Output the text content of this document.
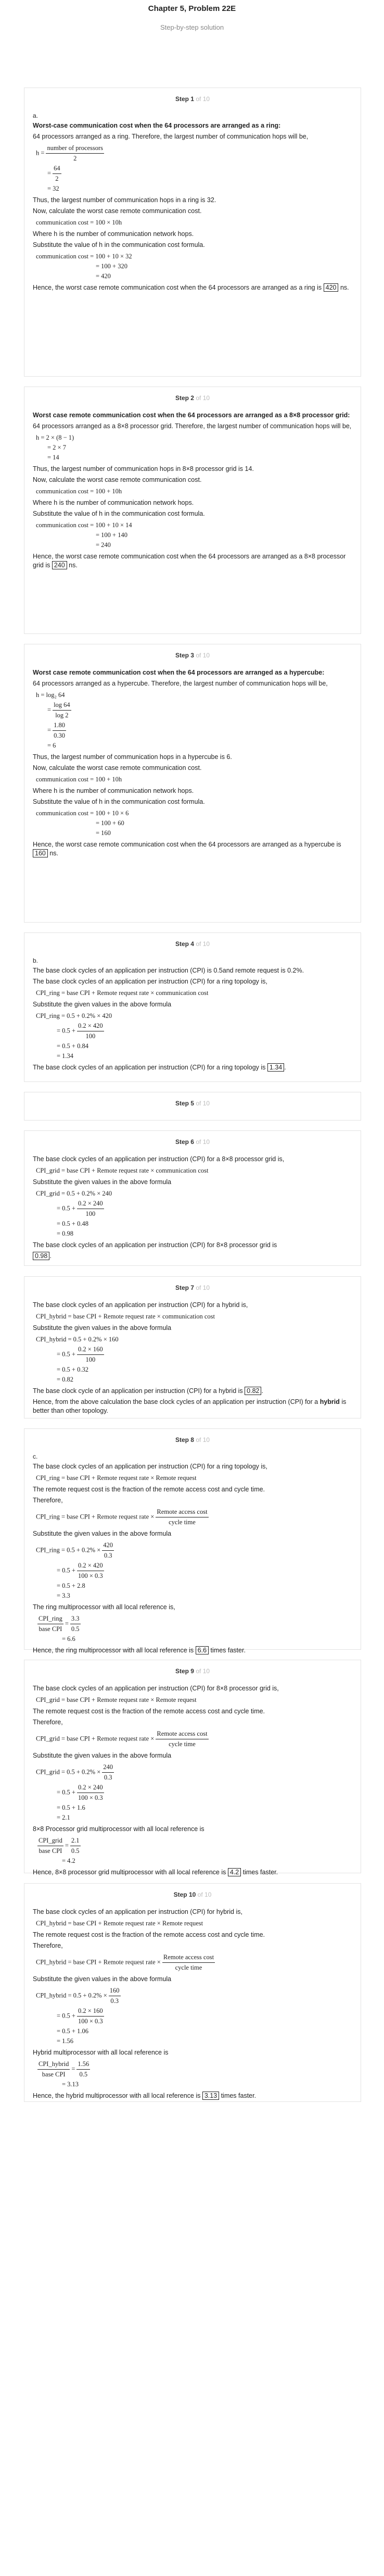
Chapter 5, Problem 22E
Step-by-step solution
Step 1 of 10
a.

Worst-case communication cost when the 64 processors are arranged as a ring:

64 processors arranged as a ring. Therefore, the largest number of communication hops will be,

$h = \frac{\text{number of processors}}{2}$
= $\frac{64}{2}$
= 32

Thus, the largest number of communication hops in a ring is 32.

Now, calculate the worst case remote communication cost.

communication cost = 100 × 10h

Where h is the number of communication network hops.

Substitute the value of h in the communication cost formula.

communication cost = 100 + 10 × 32
= 100 + 320
= 420

Hence, the worst case remote communication cost when the 64 processors are arranged as a ring is 420 ns.

Step 2 of 10

Worst case remote communication cost when the 64 processors are arranged as a 8×8 processor grid:

64 processors arranged as a 8×8 processor grid. Therefore, the largest number of communication hops will be,

h = 2 × (8 − 1)
= 2 × 7
= 14

Thus, the largest number of communication hops in 8×8 processor grid is 14.

Now, calculate the worst case remote communication cost.

communication cost = 100 + 10h

Where h is the number of communication network hops.

Substitute the value of h in the communication cost formula.

communication cost = 100 + 10 × 14
= 100 + 140
= 240

Hence, the worst case remote communication cost when the 64 processors are arranged as a 8×8 processor grid is 240 ns.

Step 3 of 10

Worst case remote communication cost when the 64 processors are arranged as a hypercube:

64 processors arranged as a hypercube. Therefore, the largest number of communication hops will be,

h = log₂ 64
= $\frac{\log 64}{\log 2}$
= $\frac{1.80}{0.30}$
= 6

Thus, the largest number of communication hops in a hypercube is 6.

Now, calculate the worst case remote communication cost.

communication cost = 100 + 10h

Where h is the number of communication network hops.

Substitute the value of h in the communication cost formula.

communication cost = 100 + 10 × 6
= 100 + 60
= 160

Hence, the worst case remote communication cost when the 64 processors are arranged as a hypercube is 160 ns.

Step 4 of 10
b.

The base clock cycles of an application per instruction (CPI) is 0.5and remote request is 0.2%.

The base clock cycles of an application per instruction (CPI) for a ring topology is,

CPI_ring = base CPI + Remote request rate × communication cost

Substitute the given values in the above formula

CPI_ring = 0.5 + 0.2% × 420
= $0.5 + \frac{0.2 \times 420}{100}$
= 0.5 + 0.84
= 1.34

The base clock cycles of an application per instruction (CPI) for a ring topology is 1.34 .

Step 5 of 10
Step 6 of 10

The base clock cycles of an application per instruction (CPI) for a 8×8 processor grid is,

CPI_grid = base CPI + Remote request rate × communication cost

Substitute the given values in the above formula

CPI_grid = 0.5 + 0.2% × 240
= $0.5 + \frac{0.2 \times 240}{100}$
= 0.5 + 0.48
= 0.98

The base clock cycles of an application per instruction (CPI) for 8×8 processor grid is

0.98 .

Step 7 of 10

The base clock cycles of an application per instruction (CPI) for a hybrid is,

CPI_hybrid = base CPI + Remote request rate × communication cost

Substitute the given values in the above formula

CPI_hybrid = 0.5 + 0.2% × 160
= $0.5 + \frac{0.2 \times 160}{100}$
= 0.5 + 0.32
= 0.82

The base clock cycle of an application per instruction (CPI) for a hybrid is 0.82 .

Hence, from the above calculation the base clock cycles of an application per instruction (CPI) for a hybrid is better than other topology.

Step 8 of 10
c.

The base clock cycles of an application per instruction (CPI) for a ring topology is,

CPI_ring = base CPI + Remote request rate × Remote request

The remote request cost is the fraction of the remote access cost and cycle time.

Therefore,

CPI_ring = base CPI + Remote request rate × $\frac{\text{Remote access cost}}{\text{cycle time}}$

Substitute the given values in the above formula

CPI_ring = $0.5 + 0.2\% \times \frac{420}{0.3}$
= $0.5 + \frac{0.2 \times 420}{100 \times 0.3}$
= 0.5 + 2.8
= 3.3

The ring multiprocessor with all local reference is,

$\frac{\text{CPI\_ring}}{\text{base CPI}} = \frac{3.3}{0.5}$
= 6.6

Hence, the ring multiprocessor with all local reference is 6.6 times faster.

Step 9 of 10

The base clock cycles of an application per instruction (CPI) for 8×8 processor grid is,

CPI_grid = base CPI + Remote request rate × Remote request

The remote request cost is the fraction of the remote access cost and cycle time.

Therefore,

CPI_grid = base CPI + Remote request rate × $\frac{\text{Remote access cost}}{\text{cycle time}}$

Substitute the given values in the above formula

CPI_grid = $0.5 + 0.2\% \times \frac{240}{0.3}$
= $0.5 + \frac{0.2 \times 240}{100 \times 0.3}$
= 0.5 + 1.6
= 2.1

8×8 Processor grid multiprocessor with all local reference is

$\frac{\text{CPI\_grid}}{\text{base CPI}} = \frac{2.1}{0.5}$
= 4.2

Hence, 8×8 processor grid multiprocessor with all local reference is 4.2 times faster.

Step 10 of 10

The base clock cycles of an application per instruction (CPI) for hybrid is,

CPI_hybrid = base CPI + Remote request rate × Remote request

The remote request cost is the fraction of the remote access cost and cycle time.

Therefore,

CPI_hybrid = base CPI + Remote request rate × $\frac{\text{Remote access cost}}{\text{cycle time}}$

Substitute the given values in the above formula

CPI_hybrid = $0.5 + 0.2\% \times \frac{160}{0.3}$
= $0.5 + \frac{0.2 \times 160}{100 \times 0.3}$
= 0.5 + 1.06
= 1.56

Hybrid multiprocessor with all local reference is

$\frac{\text{CPI\_hybrid}}{\text{base CPI}} = \frac{1.56}{0.5}$
= 3.13

Hence, the hybrid multiprocessor with all local reference is 3.13 times faster.
